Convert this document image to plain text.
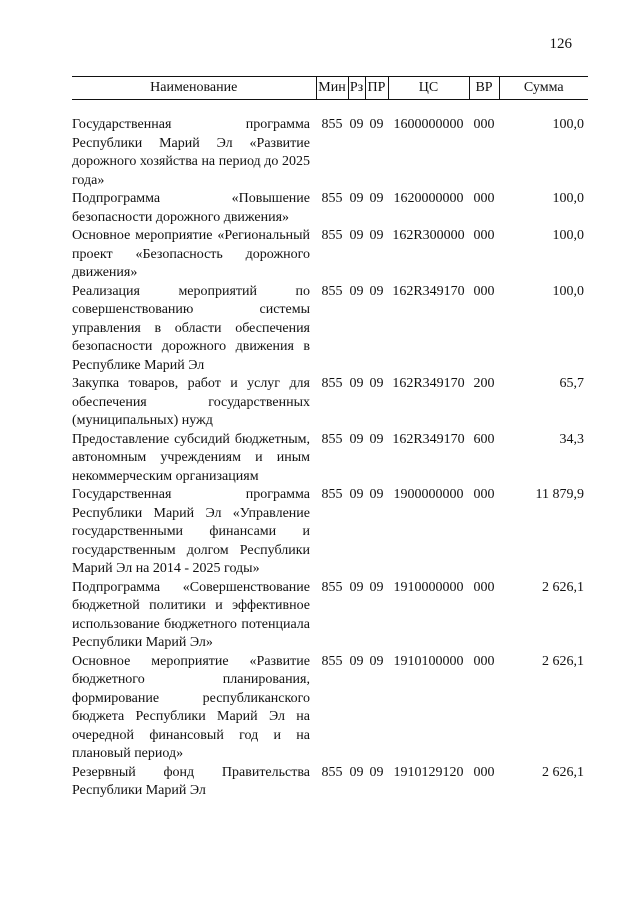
126
Наименование	Мин	Рз	ПР	ЦС	ВР	Сумма

Государственная программа Республики Марий Эл «Развитие дорожного хозяйства на период до 2025 года»	855	09	09	1600000000	000	100,0
Подпрограмма «Повышение безопасности дорожного движения»	855	09	09	1620000000	000	100,0
Основное мероприятие «Региональный проект «Безопасность дорожного движения»	855	09	09	162R300000	000	100,0
Реализация мероприятий по совершенствованию системы управления в области обеспечения безопасности дорожного движения в Республике Марий Эл	855	09	09	162R349170	000	100,0
Закупка товаров, работ и услуг для обеспечения государственных (муниципальных) нужд	855	09	09	162R349170	200	65,7
Предоставление субсидий бюджетным, автономным учреждениям и иным некоммерческим организациям	855	09	09	162R349170	600	34,3
Государственная программа Республики Марий Эл «Управление государственными финансами и государственным долгом Республики Марий Эл на 2014 - 2025 годы»	855	09	09	1900000000	000	11 879,9
Подпрограмма «Совершенствование бюджетной политики и эффективное использование бюджетного потенциала Республики Марий Эл»	855	09	09	1910000000	000	2 626,1
Основное мероприятие «Развитие бюджетного планирования, формирование республиканского бюджета Республики Марий Эл на очередной финансовый год и на плановый период»	855	09	09	1910100000	000	2 626,1
Резервный фонд Правительства Республики Марий Эл	855	09	09	1910129120	000	2 626,1
